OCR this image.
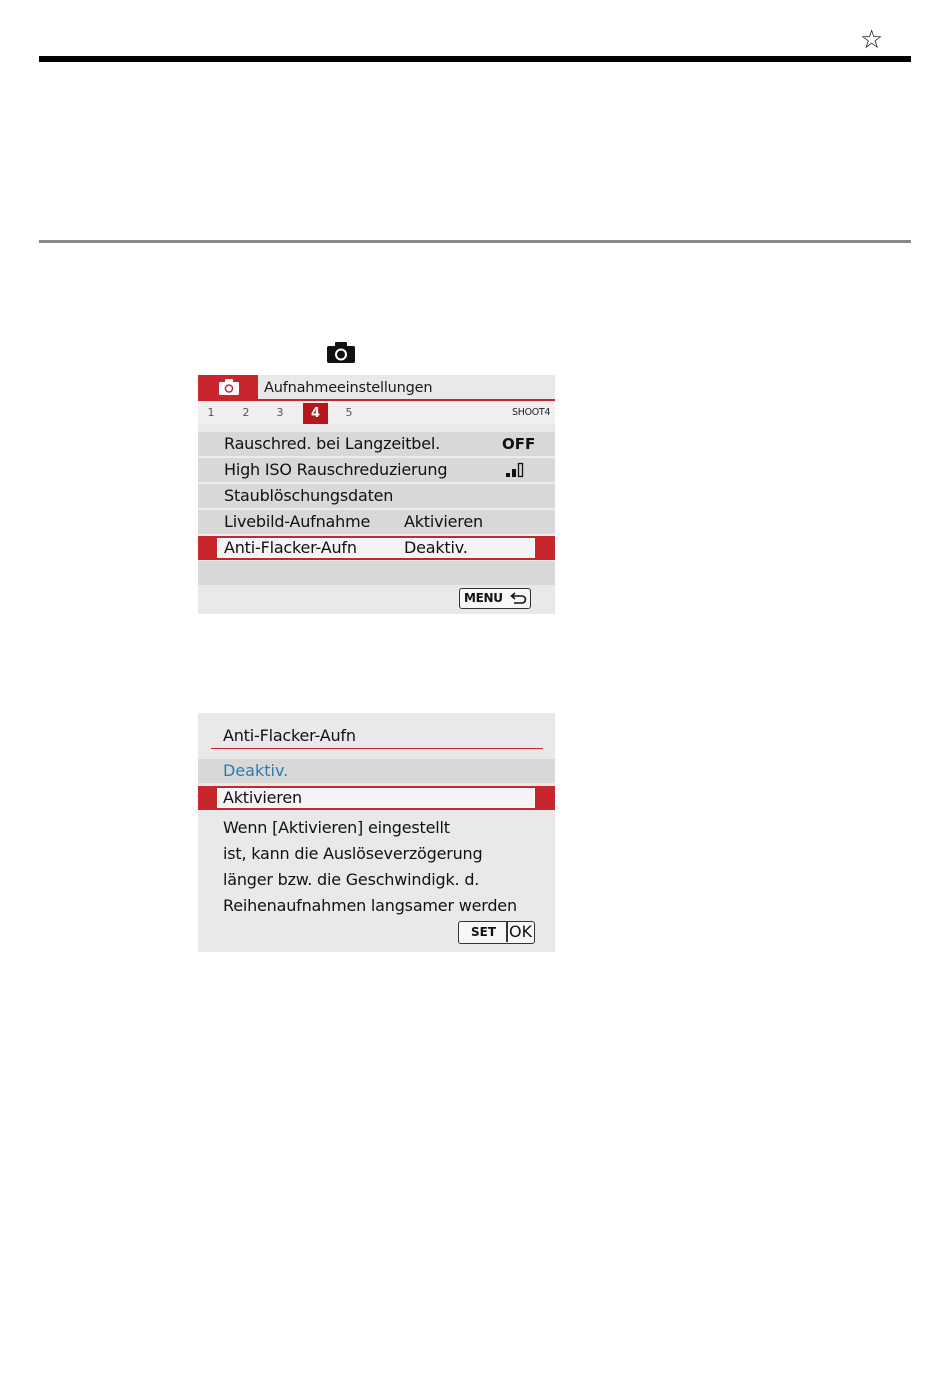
☆
Aufnahmeeinstellungen
1	2	3	4	5	SHOOT4
Rauschred. bei Langzeitbel.	OFF
High ISO Rauschreduzierung
Staublöschungsdaten
Livebild-Aufnahme Aktivieren
Anti-Flacker-Aufn	Deaktiv.
MENU
Anti-Flacker-Aufn
Deaktiv.
Aktivieren
Wenn [Aktivieren] eingestellt
ist, kann die Auslöseverzögerung
länger bzw. die Geschwindigk. d.
Reihenaufnahmen langsamer werden
SET OK
